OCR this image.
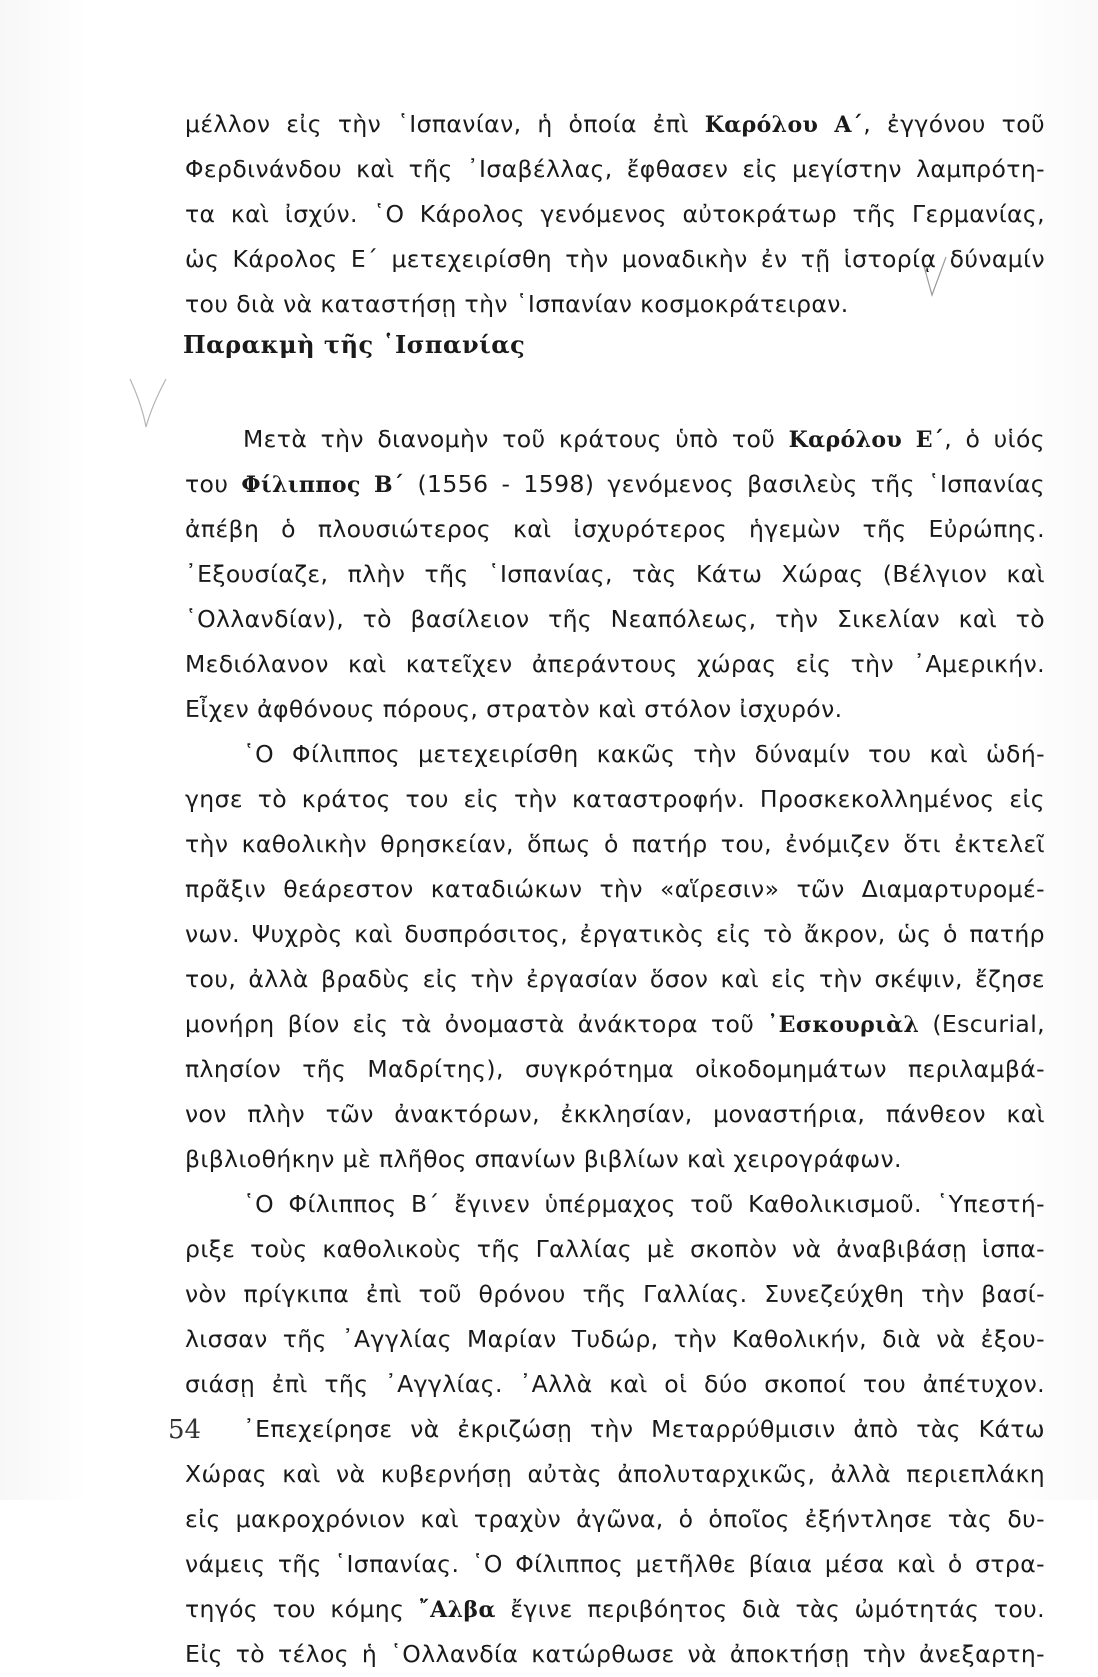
μέλλον εἰς τὴν ῾Ισπανίαν, ἡ ὁποία ἐπὶ Καρόλου Α΄, ἐγγόνου τοῦ
Φερδινάνδου καὶ τῆς ᾽Ισαβέλλας, ἔφθασεν εἰς μεγίστην λαμπρότη-
τα καὶ ἰσχύν. ῾Ο Κάρολος γενόμενος αὐτοκράτωρ τῆς Γερμανίας,
ὡς Κάρολος Ε΄ μετεχειρίσθη τὴν μοναδικὴν ἐν τῇ ἱστορίᾳ δύναμίν
του διὰ νὰ καταστήσῃ τὴν ῾Ισπανίαν κοσμοκράτειραν.
Παρακμὴ τῆς ῾Ισπανίας
Μετὰ τὴν διανομὴν τοῦ κράτους ὑπὸ τοῦ Καρόλου Ε΄, ὁ υἱός
του Φίλιππος Β΄ (1556 - 1598) γενόμενος βασιλεὺς τῆς ῾Ισπανίας
ἀπέβη ὁ πλουσιώτερος καὶ ἰσχυρότερος ἡγεμὼν τῆς Εὐρώπης.
᾽Εξουσίαζε, πλὴν τῆς ῾Ισπανίας, τὰς Κάτω Χώρας (Βέλγιον καὶ
῾Ολλανδίαν), τὸ βασίλειον τῆς Νεαπόλεως, τὴν Σικελίαν καὶ τὸ
Μεδιόλανον καὶ κατεῖχεν ἀπεράντους χώρας εἰς τὴν ᾽Αμερικήν.
Εἶχεν ἀφθόνους πόρους, στρατὸν καὶ στόλον ἰσχυρόν.
῾Ο Φίλιππος μετεχειρίσθη κακῶς τὴν δύναμίν του καὶ ὡδή-
γησε τὸ κράτος του εἰς τὴν καταστροφήν. Προσκεκολλημένος εἰς
τὴν καθολικὴν θρησκείαν, ὅπως ὁ πατήρ του, ἐνόμιζεν ὅτι ἐκτελεῖ
πρᾶξιν θεάρεστον καταδιώκων τὴν «αἵρεσιν» τῶν Διαμαρτυρομέ-
νων. Ψυχρὸς καὶ δυσπρόσιτος, ἐργατικὸς εἰς τὸ ἄκρον, ὡς ὁ πατήρ
του, ἀλλὰ βραδὺς εἰς τὴν ἐργασίαν ὅσον καὶ εἰς τὴν σκέψιν, ἔζησε
μονήρη βίον εἰς τὰ ὀνομαστὰ ἀνάκτορα τοῦ ᾽Εσκουριὰλ (Escurial,
πλησίον τῆς Μαδρίτης), συγκρότημα οἰκοδομημάτων περιλαμβά-
νον πλὴν τῶν ἀνακτόρων, ἐκκλησίαν, μοναστήρια, πάνθεον καὶ
βιβλιοθήκην μὲ πλῆθος σπανίων βιβλίων καὶ χειρογράφων.
῾Ο Φίλιππος Β΄ ἔγινεν ὑπέρμαχος τοῦ Καθολικισμοῦ. ῾Υπεστή-
ριξε τοὺς καθολικοὺς τῆς Γαλλίας μὲ σκοπὸν νὰ ἀναβιβάσῃ ἱσπα-
νὸν πρίγκιπα ἐπὶ τοῦ θρόνου τῆς Γαλλίας. Συνεζεύχθη τὴν βασί-
λισσαν τῆς ᾽Αγγλίας Μαρίαν Τυδώρ, τὴν Καθολικήν, διὰ νὰ ἐξου-
σιάσῃ ἐπὶ τῆς ᾽Αγγλίας. ᾽Αλλὰ καὶ οἱ δύο σκοποί του ἀπέτυχον.
᾽Επεχείρησε νὰ ἐκριζώσῃ τὴν Μεταρρύθμισιν ἀπὸ τὰς Κάτω
Χώρας καὶ νὰ κυβερνήσῃ αὐτὰς ἀπολυταρχικῶς, ἀλλὰ περιεπλάκη
εἰς μακροχρόνιον καὶ τραχὺν ἀγῶνα, ὁ ὁποῖος ἐξήντλησε τὰς δυ-
νάμεις τῆς ῾Ισπανίας. ῾Ο Φίλιππος μετῆλθε βίαια μέσα καὶ ὁ στρα-
τηγός του κόμης ῎Αλβα ἔγινε περιβόητος διὰ τὰς ὠμότητάς του.
Εἰς τὸ τέλος ἡ ῾Ολλανδία κατώρθωσε νὰ ἀποκτήσῃ τὴν ἀνεξαρτη-
54
